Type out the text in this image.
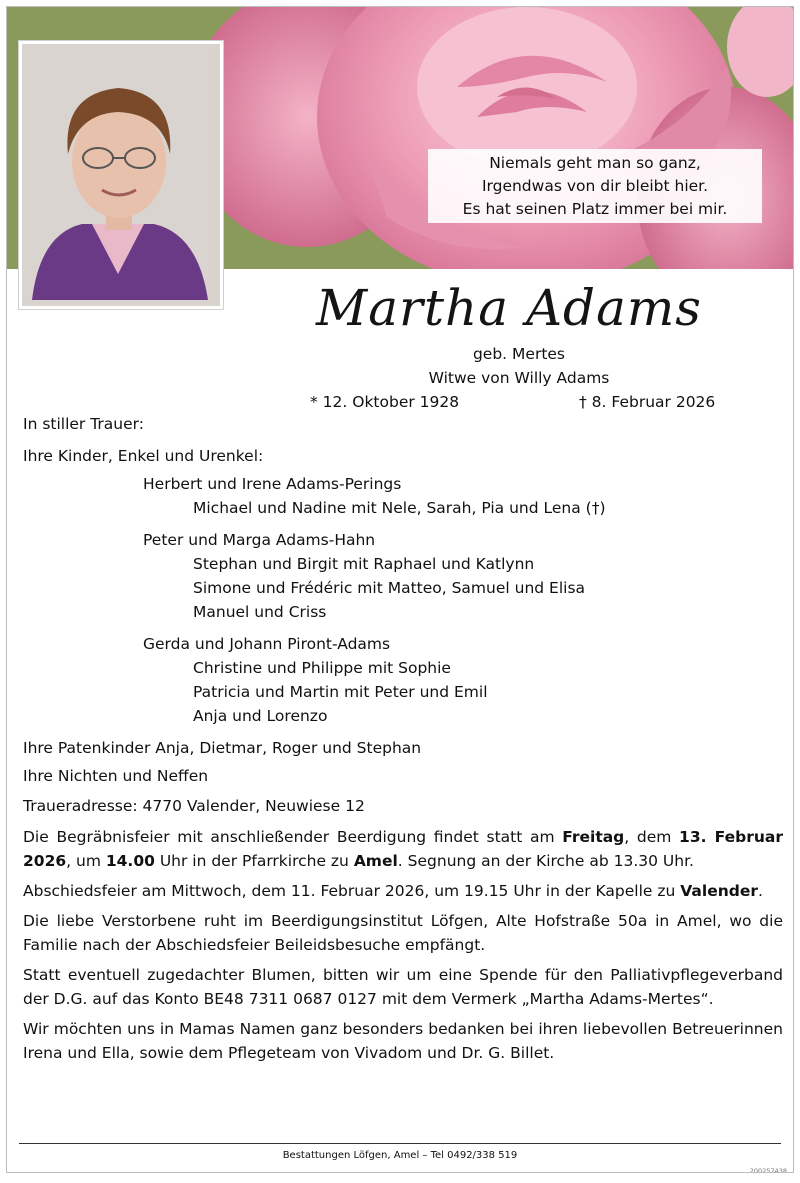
Niemals geht man so ganz,
Irgendwas von dir bleibt hier.
Es hat seinen Platz immer bei mir.
Martha Adams
geb. Mertes
Witwe von Willy Adams
* 12. Oktober 1928	† 8. Februar 2026
In stiller Trauer:
Ihre Kinder, Enkel und Urenkel:
Herbert und Irene Adams-Perings
Michael und Nadine mit Nele, Sarah, Pia und Lena (†)
Peter und Marga Adams-Hahn
Stephan und Birgit mit Raphael und Katlynn
Simone und Frédéric mit Matteo, Samuel und Elisa
Manuel und Criss
Gerda und Johann Piront-Adams
Christine und Philippe mit Sophie
Patricia und Martin mit Peter und Emil
Anja und Lorenzo
Ihre Patenkinder Anja, Dietmar, Roger und Stephan
Ihre Nichten und Neffen
Traueradresse: 4770 Valender, Neuwiese 12
Die Begräbnisfeier mit anschließender Beerdigung findet statt am Freitag, dem 13. Februar 2026, um 14.00 Uhr in der Pfarrkirche zu Amel. Segnung an der Kirche ab 13.30 Uhr.
Abschiedsfeier am Mittwoch, dem 11. Februar 2026, um 19.15 Uhr in der Kapelle zu Valender.
Die liebe Verstorbene ruht im Beerdigungsinstitut Löfgen, Alte Hofstraße 50a in Amel, wo die Familie nach der Abschiedsfeier Beileidsbesuche empfängt.
Statt eventuell zugedachter Blumen, bitten wir um eine Spende für den Palliativpflegeverband der D.G. auf das Konto BE48 7311 0687 0127 mit dem Vermerk „Martha Adams-Mertes“.
Wir möchten uns in Mamas Namen ganz besonders bedanken bei ihren liebevollen Betreuerinnen Irena und Ella, sowie dem Pflegeteam von Vivadom und Dr. G. Billet.
Bestattungen Löfgen, Amel – Tel 0492/338 519
200257438
